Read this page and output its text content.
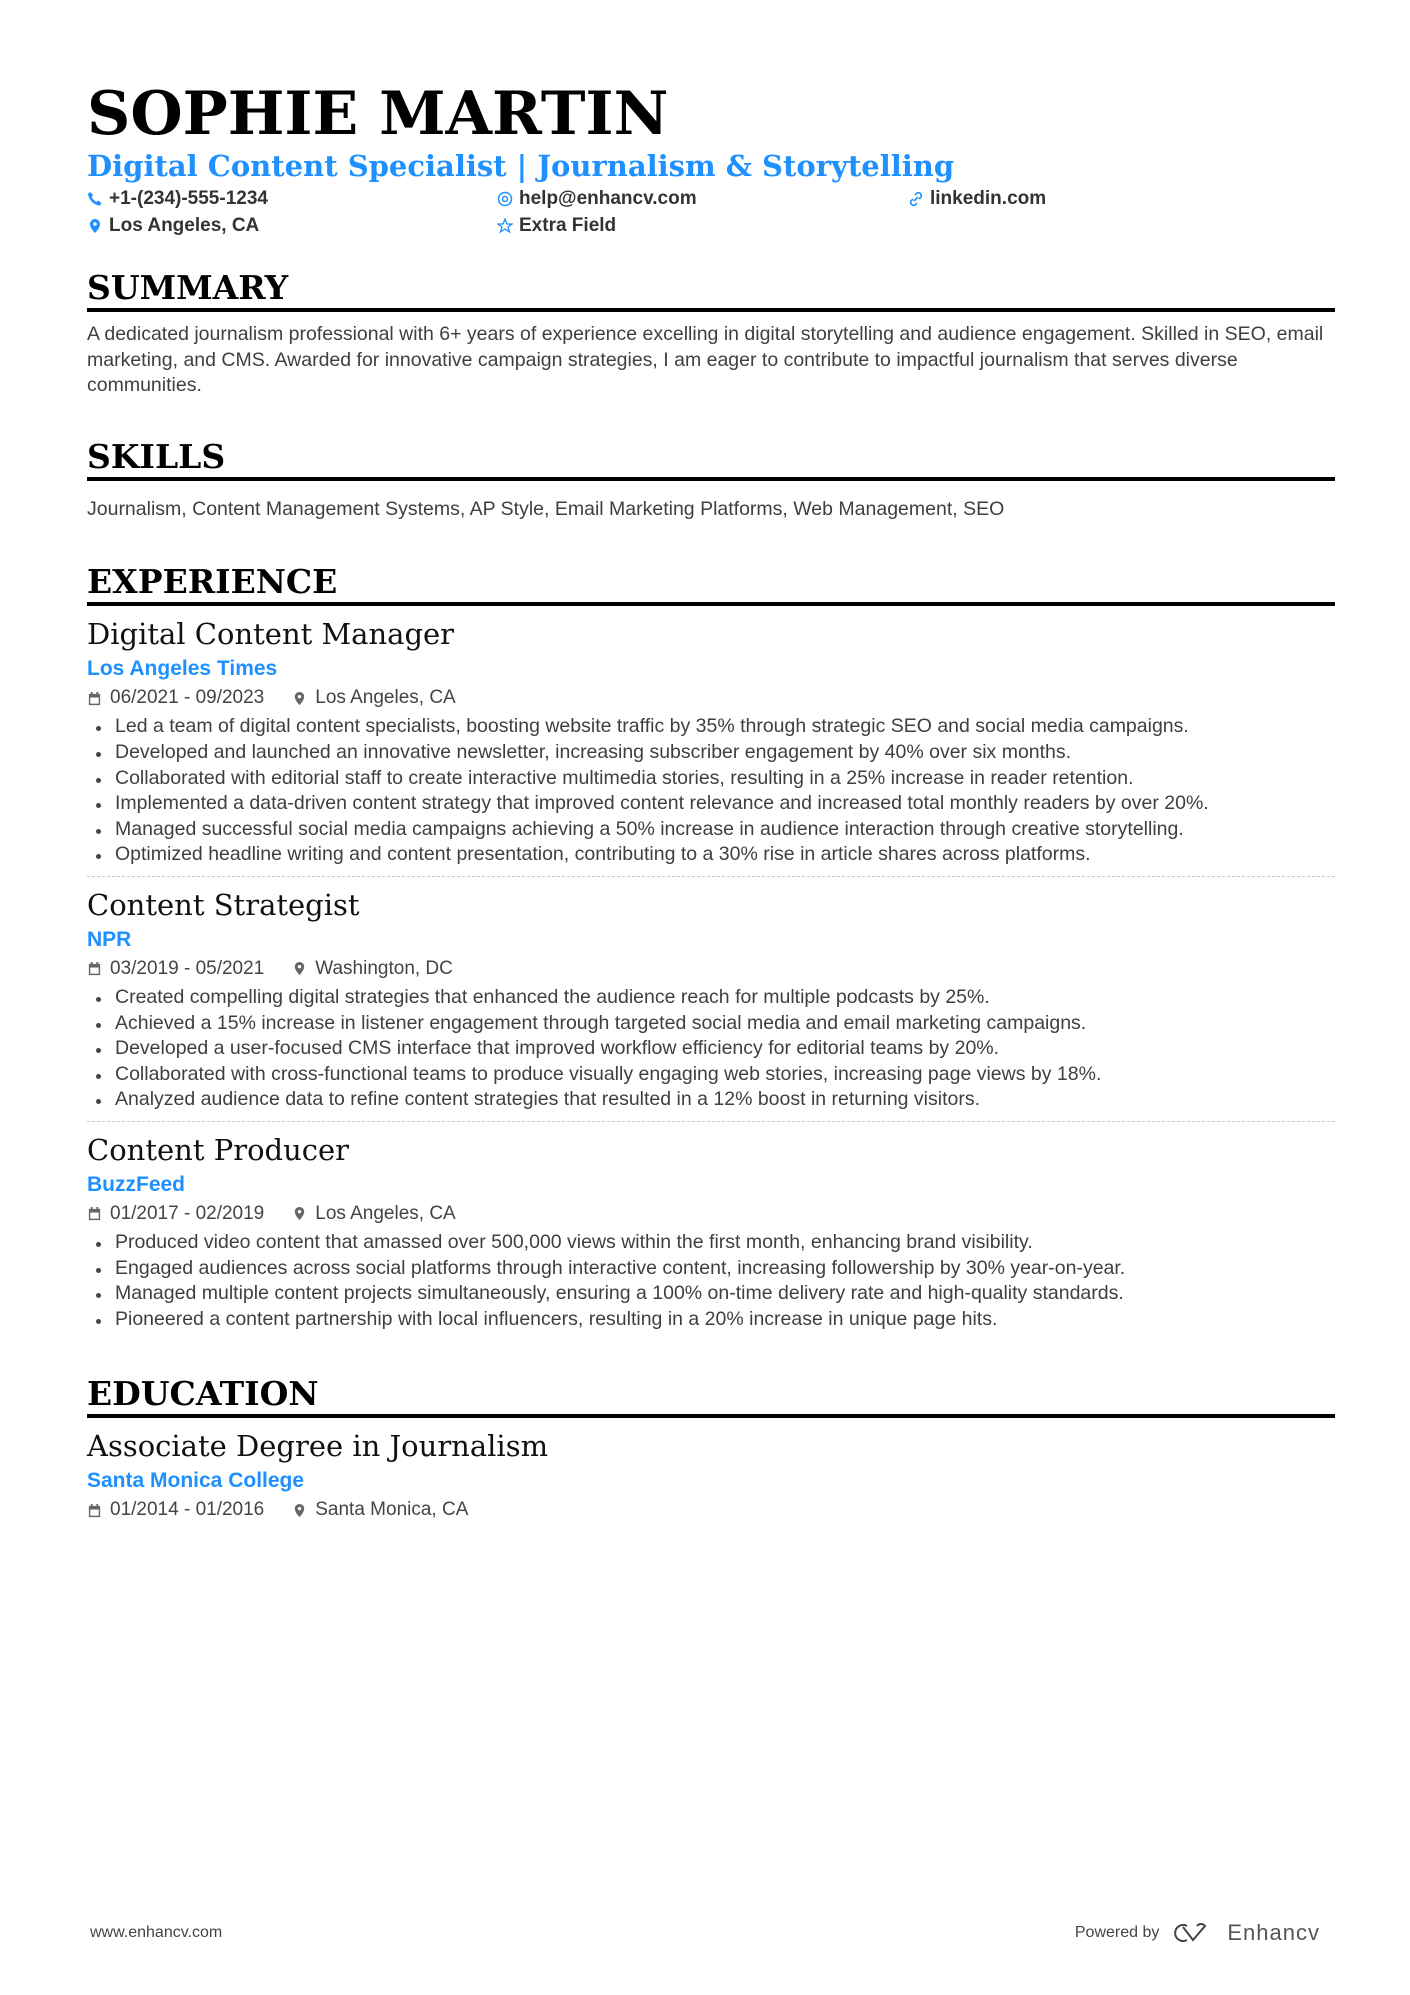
SOPHIE MARTIN
Digital Content Specialist | Journalism & Storytelling
+1-(234)-555-1234	help@enhancv.com	linkedin.com
Los Angeles, CA	Extra Field
SUMMARY
A dedicated journalism professional with 6+ years of experience excelling in digital storytelling and audience engagement. Skilled in SEO, email marketing, and CMS. Awarded for innovative campaign strategies, I am eager to contribute to impactful journalism that serves diverse communities.
SKILLS
Journalism, Content Management Systems, AP Style, Email Marketing Platforms, Web Management, SEO
EXPERIENCE
Digital Content Manager
Los Angeles Times
06/2021 - 09/2023	Los Angeles, CA
Led a team of digital content specialists, boosting website traffic by 35% through strategic SEO and social media campaigns.
Developed and launched an innovative newsletter, increasing subscriber engagement by 40% over six months.
Collaborated with editorial staff to create interactive multimedia stories, resulting in a 25% increase in reader retention.
Implemented a data-driven content strategy that improved content relevance and increased total monthly readers by over 20%.
Managed successful social media campaigns achieving a 50% increase in audience interaction through creative storytelling.
Optimized headline writing and content presentation, contributing to a 30% rise in article shares across platforms.
Content Strategist
NPR
03/2019 - 05/2021	Washington, DC
Created compelling digital strategies that enhanced the audience reach for multiple podcasts by 25%.
Achieved a 15% increase in listener engagement through targeted social media and email marketing campaigns.
Developed a user-focused CMS interface that improved workflow efficiency for editorial teams by 20%.
Collaborated with cross-functional teams to produce visually engaging web stories, increasing page views by 18%.
Analyzed audience data to refine content strategies that resulted in a 12% boost in returning visitors.
Content Producer
BuzzFeed
01/2017 - 02/2019	Los Angeles, CA
Produced video content that amassed over 500,000 views within the first month, enhancing brand visibility.
Engaged audiences across social platforms through interactive content, increasing followership by 30% year-on-year.
Managed multiple content projects simultaneously, ensuring a 100% on-time delivery rate and high-quality standards.
Pioneered a content partnership with local influencers, resulting in a 20% increase in unique page hits.
EDUCATION
Associate Degree in Journalism
Santa Monica College
01/2014 - 01/2016	Santa Monica, CA
www.enhancv.com	Powered by	Enhancv
